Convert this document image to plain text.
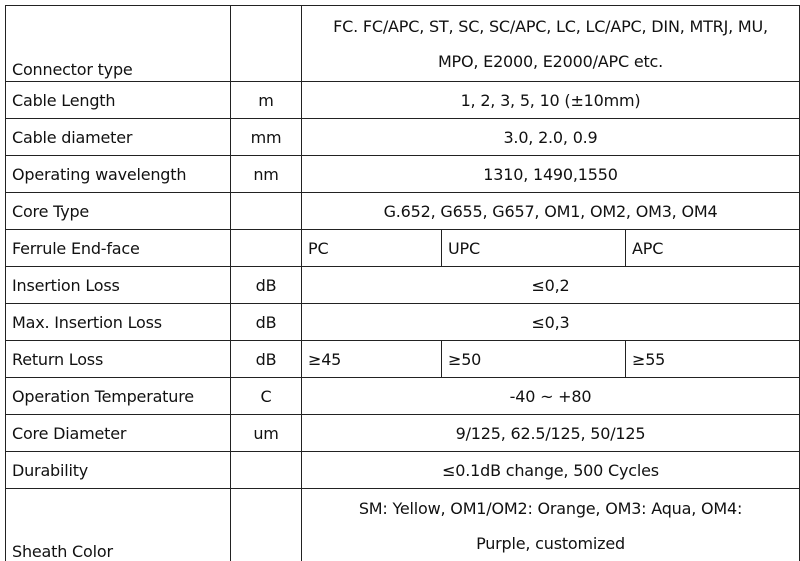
Connector type		FC. FC/APC, ST, SC, SC/APC, LC, LC/APC, DIN, MTRJ, MU,
MPO, E2000, E2000/APC etc.		

Cable Length	m	1, 2, 3, 5, 10 (±10mm)		
Cable diameter	mm	3.0, 2.0, 0.9		
Operating wavelength	nm	1310, 1490,1550		
Core Type		G.652, G655, G657, OM1, OM2, OM3, OM4		
Ferrule End-face		PC	UPC	APC
Insertion Loss	dB	≤0,2		
Max. Insertion Loss	dB	≤0,3		
Return Loss	dB	≥45	≥50	≥55
Operation Temperature	C	-40 ~ +80		
Core Diameter	um	9/125, 62.5/125, 50/125		
Durability		≤0.1dB change, 500 Cycles		
Sheath Color		SM: Yellow, OM1/OM2: Orange, OM3: Aqua, OM4:
Purple, customized		
